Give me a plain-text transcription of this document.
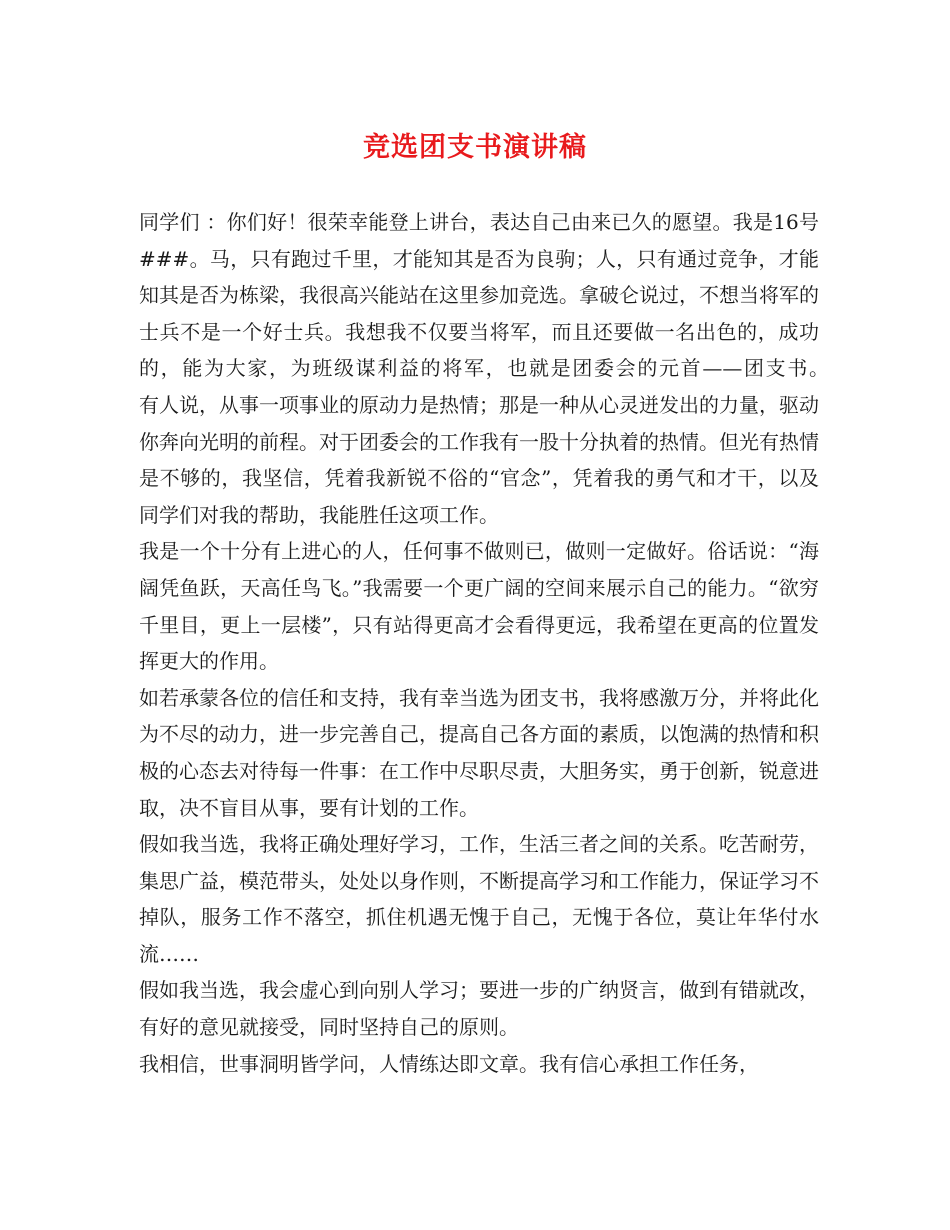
竞选团支书演讲稿

同学们 ：你们好！很荣幸能登上讲台，表达自己由来已久的愿望。我是16号###。马，只有跑过千里，才能知其是否为良驹；人，只有通过竞争，才能知其是否为栋梁，我很高兴能站在这里参加竞选。拿破仑说过，不想当将军的士兵不是一个好士兵。我想我不仅要当将军，而且还要做一名出色的，成功的，能为大家，为班级谋利益的将军，也就是团委会的元首——团支书。　　有人说，从事一项事业的原动力是热情；那是一种从心灵迸发出的力量，驱动你奔向光明的前程。对于团委会的工作我有一股十分执着的热情。但光有热情是不够的，我坚信，凭着我新锐不俗的“官念”，凭着我的勇气和才干，以及同学们对我的帮助，我能胜任这项工作。

我是一个十分有上进心的人，任何事不做则已，做则一定做好。俗话说：“海阔凭鱼跃，天高任鸟飞。”我需要一个更广阔的空间来展示自己的能力。“欲穷千里目，更上一层楼”，只有站得更高才会看得更远，我希望在更高的位置发挥更大的作用。

如若承蒙各位的信任和支持，我有幸当选为团支书，我将感激万分，并将此化为不尽的动力，进一步完善自己，提高自己各方面的素质，以饱满的热情和积极的心态去对待每一件事：在工作中尽职尽责，大胆务实，勇于创新，锐意进取，决不盲目从事，要有计划的工作。

假如我当选，我将正确处理好学习，工作，生活三者之间的关系。吃苦耐劳，集思广益，模范带头，处处以身作则，不断提高学习和工作能力，保证学习不掉队，服务工作不落空，抓住机遇无愧于自己，无愧于各位，莫让年华付水流……

假如我当选，我会虚心到向别人学习；要进一步的广纳贤言，做到有错就改，有好的意见就接受，同时坚持自己的原则。

我相信，世事洞明皆学问，人情练达即文章。我有信心承担工作任务，
